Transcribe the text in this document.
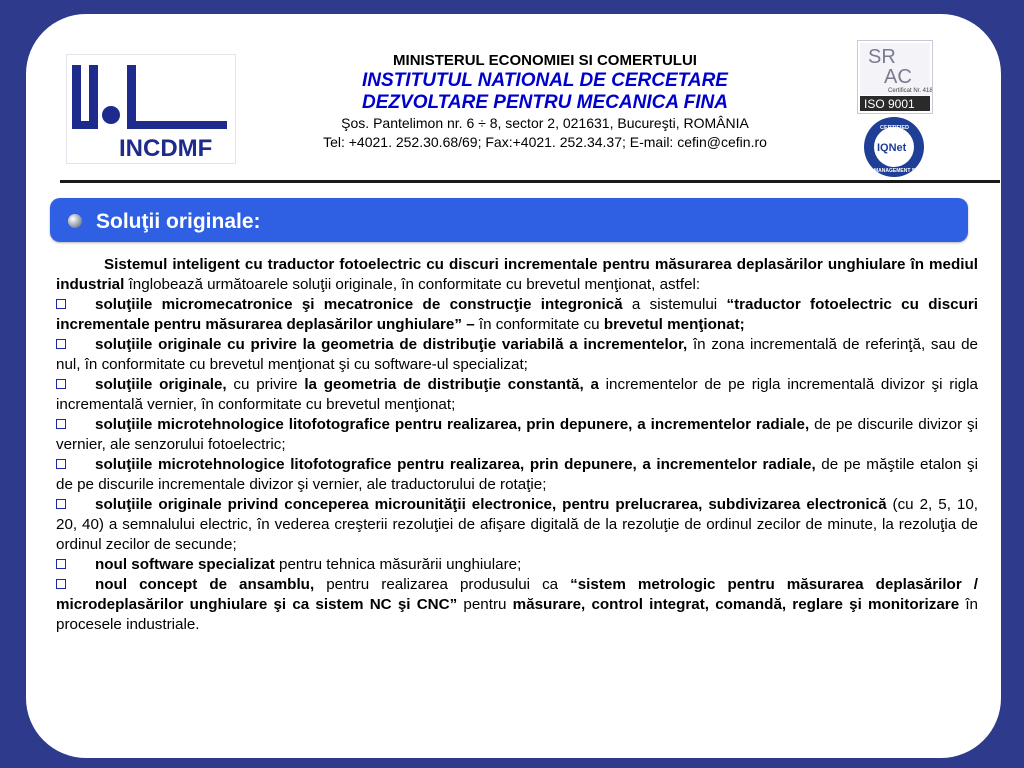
INCDMF
MINISTERUL ECONOMIEI SI COMERTULUI
INSTITUTUL NATIONAL DE CERCETARE
DEZVOLTARE PENTRU MECANICA FINA
Şos. Pantelimon nr. 6 ÷ 8, sector 2, 021631, Bucureşti, ROMÂNIA
Tel: +4021. 252.30.68/69; Fax:+4021. 252.34.37; E-mail: cefin@cefin.ro
SR
AC
Certificat Nr. 4183
ISO 9001
CERTIFIED
MANAGEMENT SYSTEM
IQNet
Soluţii originale:

Sistemul inteligent cu traductor fotoelectric cu discuri incrementale pentru măsurarea deplasărilor unghiulare în mediul industrial înglobează următoarele soluţii originale, în conformitate cu brevetul menţionat, astfel:

soluţiile micromecatronice şi mecatronice de construcţie integronică a sistemului “traductor fotoelectric cu discuri incrementale pentru măsurarea deplasărilor unghiulare” – în conformitate cu brevetul menţionat;

soluţiile originale cu privire la geometria de distribuţie variabilă a incrementelor, în zona incrementală de referinţă, sau de nul, în conformitate cu brevetul menţionat şi cu software-ul specializat;

soluţiile originale, cu privire la geometria de distribuţie constantă, a incrementelor de pe rigla incrementală divizor şi rigla incrementală vernier, în conformitate cu brevetul menţionat;

soluţiile microtehnologice litofotografice pentru realizarea, prin depunere, a incrementelor radiale, de pe discurile divizor şi vernier, ale senzorului fotoelectric;

soluţiile microtehnologice litofotografice pentru realizarea, prin depunere, a incrementelor radiale, de pe măştile etalon şi de pe discurile incrementale divizor şi vernier, ale traductorului de rotaţie;

soluţiile originale privind conceperea microunităţii electronice, pentru prelucrarea, subdivizarea electronică (cu 2, 5, 10, 20, 40) a semnalului electric, în vederea creşterii rezoluţiei de afişare digitală de la rezoluţie de ordinul zecilor de minute, la rezoluţia de ordinul zecilor de secunde;

noul software specializat pentru tehnica măsurării unghiulare;

noul concept de ansamblu, pentru realizarea produsului ca “sistem metrologic pentru măsurarea deplasărilor / microdeplasărilor unghiulare şi ca sistem NC şi CNC” pentru măsurare, control integrat, comandă, reglare şi monitorizare în procesele industriale.
